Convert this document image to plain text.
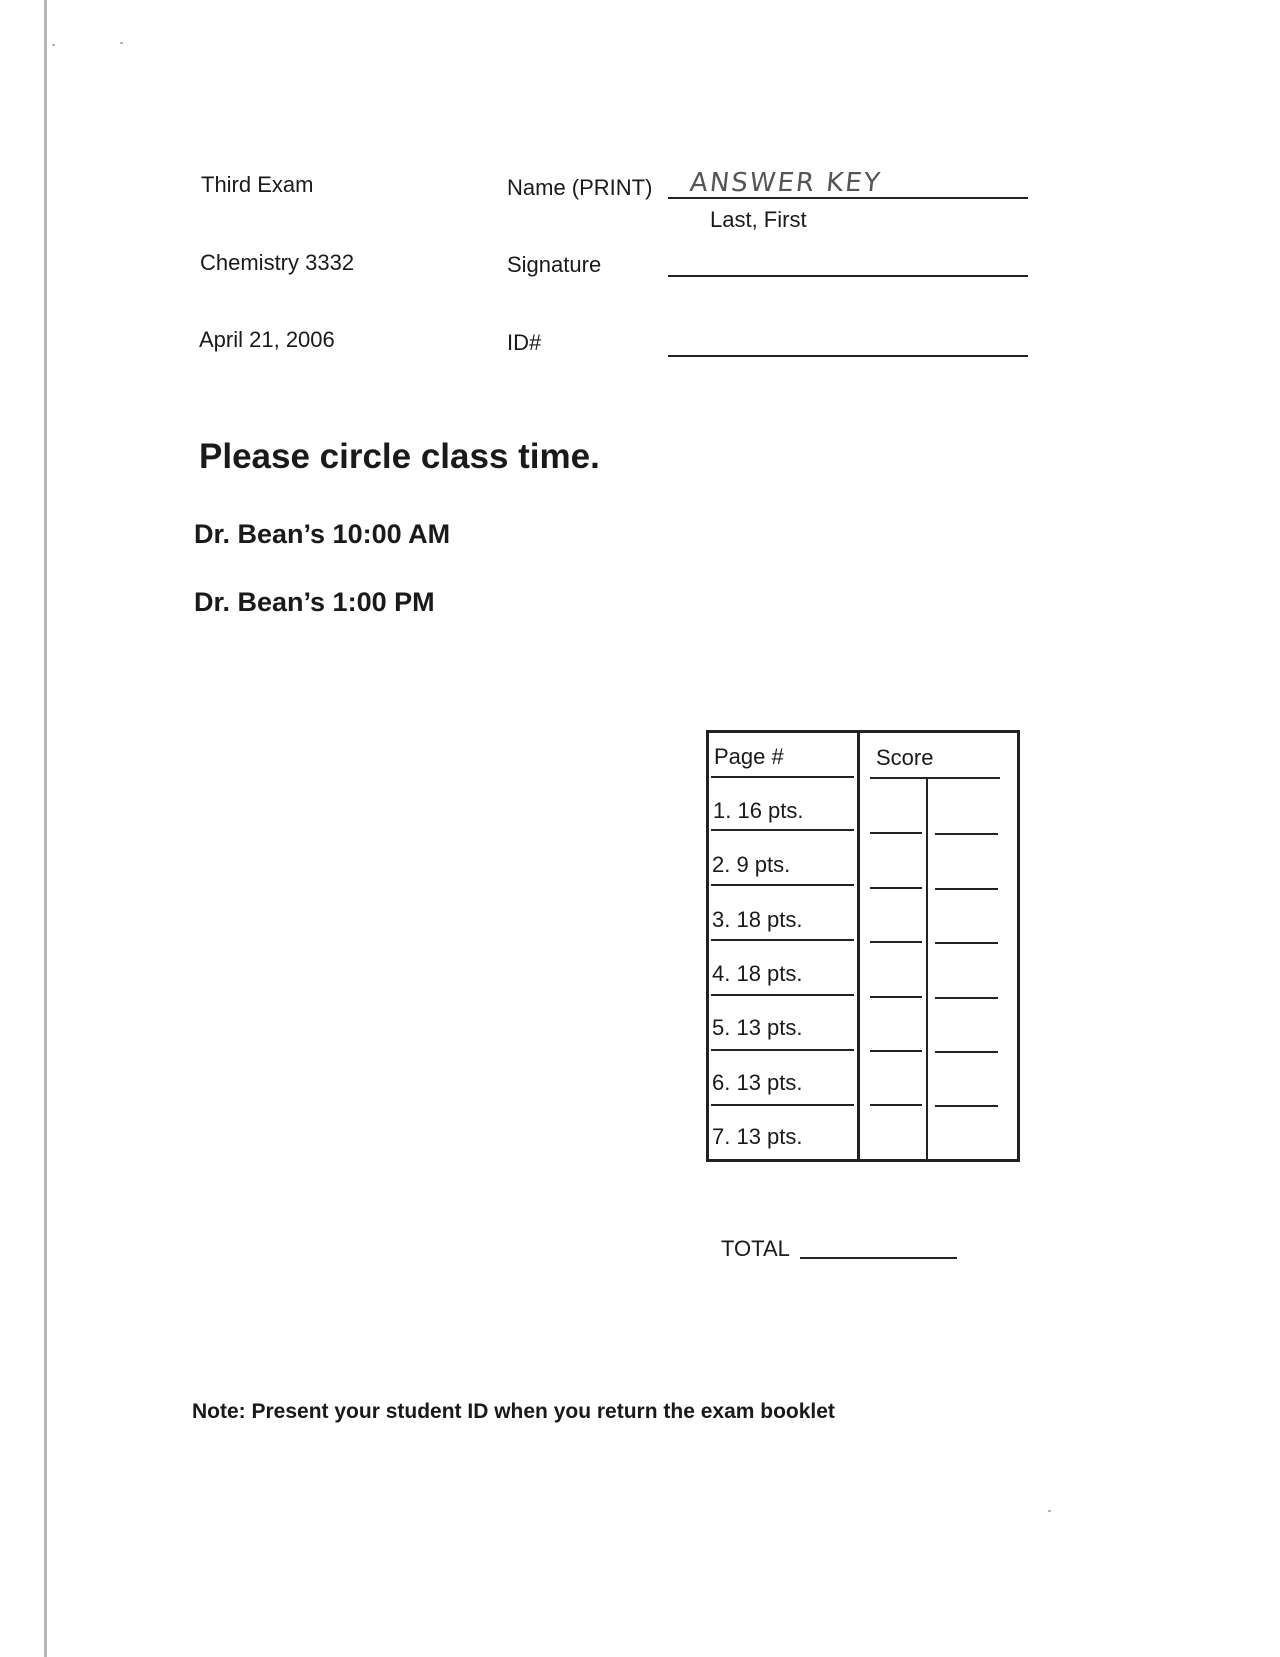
Third Exam
Chemistry 3332
April 21, 2006
Name (PRINT) ANSWER KEY
Last, First
Signature
ID#
Please circle class time.
Dr. Bean’s 10:00 AM
Dr. Bean’s 1:00 PM
Page #	Score
1. 16 pts.
2. 9 pts.
3. 18 pts.
4. 18 pts.
5. 13 pts.
6. 13 pts.
7. 13 pts.
TOTAL
Note: Present your student ID when you return the exam booklet
